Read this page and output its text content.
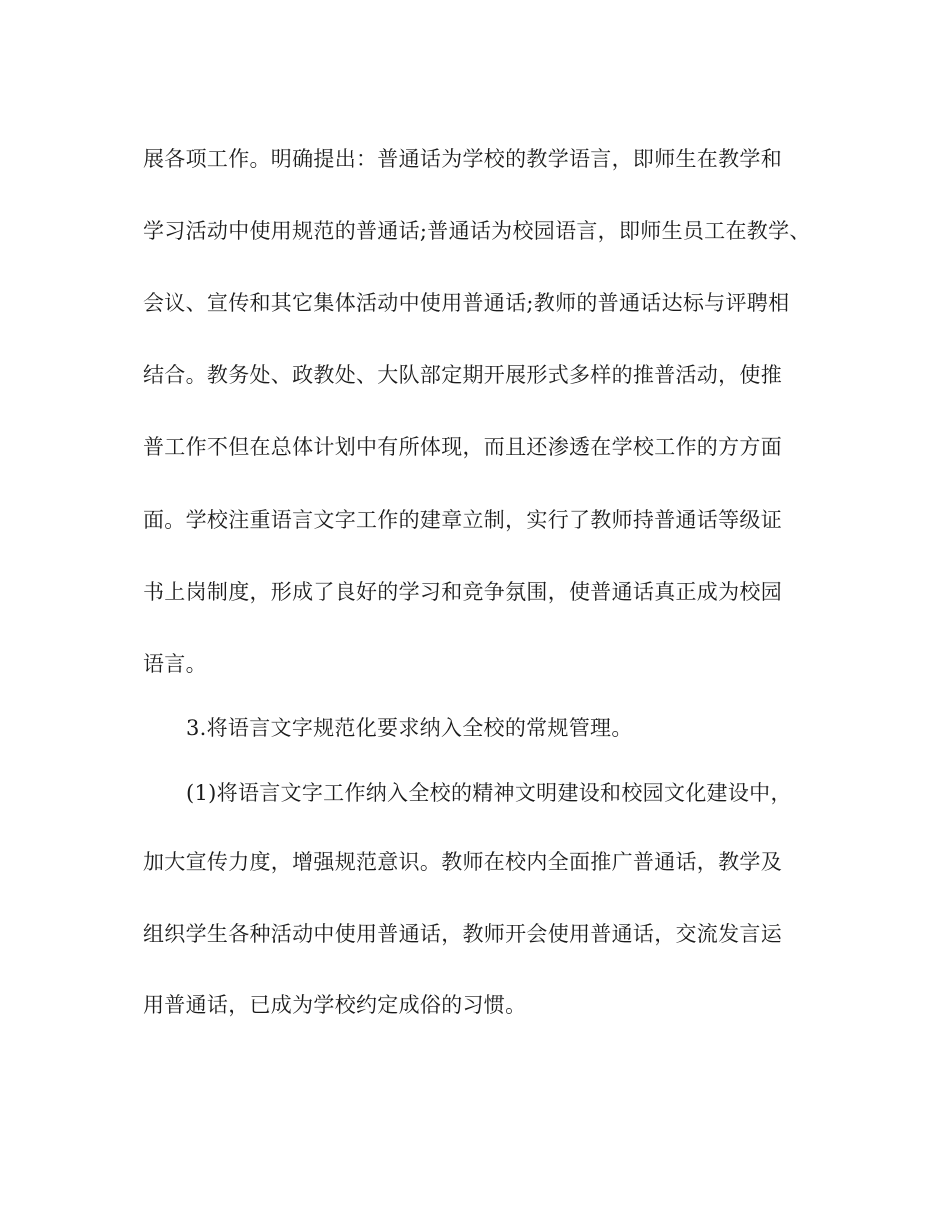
展各项工作。明确提出：普通话为学校的教学语言，即师生在教学和
学习活动中使用规范的普通话;普通话为校园语言，即师生员工在教学、
会议、宣传和其它集体活动中使用普通话;教师的普通话达标与评聘相
结合。教务处、政教处、大队部定期开展形式多样的推普活动，使推
普工作不但在总体计划中有所体现，而且还渗透在学校工作的方方面
面。学校注重语言文字工作的建章立制，实行了教师持普通话等级证
书上岗制度，形成了良好的学习和竞争氛围，使普通话真正成为校园
语言。
3.将语言文字规范化要求纳入全校的常规管理。
(1)将语言文字工作纳入全校的精神文明建设和校园文化建设中，
加大宣传力度，增强规范意识。教师在校内全面推广普通话，教学及
组织学生各种活动中使用普通话，教师开会使用普通话，交流发言运
用普通话，已成为学校约定成俗的习惯。
